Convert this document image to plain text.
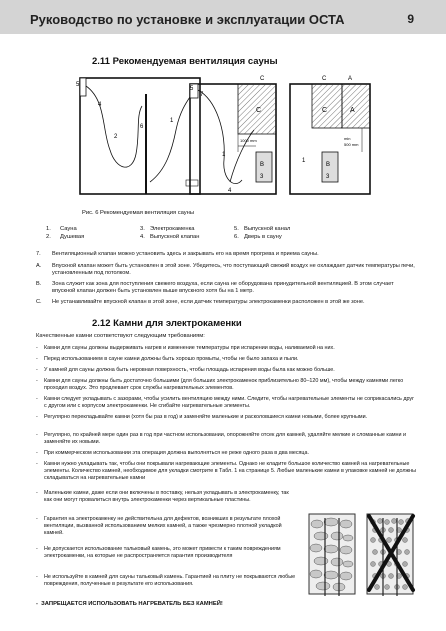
Руководство по установке и эксплуатации ОСТА	9
2.11 Рекомендуемая вентиляция сауны
5
4
2
6
1
5
7
C
C
1000 mm
B
3
1
4
C	A
C	A
min
500 mm
B
3
1
Рис. 6 Рекомендуемая вентиляция сауны
1.	Сауна	3.	Электрокаменка	5.	Выпускной канал
2.	Душевая	4.	Выпускной клапан	6.	Дверь в сауну
7.	Вентиляционный клапан можно установить здесь и закрывать его на время прогрева и приема сауны.
A.	Впускной клапан может быть установлен в этой зоне. Убедитесь, что поступающий свежий воздух не охлаждает датчик температуры печи, установленным под потолком.
B.	Зона служит как зона для поступления свежего воздуха, если сауна не оборудована принудительной вентиляцией. В этом случает впускной клапан должен быть установлен выше впускного хотя бы на 1 метр.
C.	Не устанавливайте впускной клапан в этой зоне, если датчик температуры электрокаменки расположен в этой же зоне.
2.12 Камни для электрокаменки
Качественные камни соответствуют следующим требованиям:
- Камни для сауны должны выдерживать нагрев и изменение температуры при испарении воды, наливаемой на них.
- Перед использованием в сауне камни должны быть хорошо промыты, чтобы не было запаха и пыли.
- У камней для сауны должна быть неровная поверхность, чтобы площадь испарения воды была как можно больше.
- Камни для сауны должны быть достаточно большими (для больших электрокаменок приблизительно 80–120 мм), чтобы между камнями легко проходил воздух. Это продлевает срок службы нагревательных элементов.
- Камни следует укладывать с зазорами, чтобы усилить вентиляцию между ними. Следите, чтобы нагревательные элементы не соприкасались друг с другом или с корпусом электрокаменки. Не сгибайте нагревательные элементы.
- Регулярно перекладывайте камни (хотя бы раз в год) и заменяйте маленькие и расколовшиеся камни новыми, более крупными.
- Регулярно, по крайней мере один раз в год при частном использовании, опорожняйте отсек для камней, удаляйте мелкие и сломанные камни и заменяйте их новыми.
- При коммерческом использовании эта операция должна выполняться не реже одного раза в два месяца.
- Камни нужно укладывать так, чтобы они покрывали нагревающие элементы. Однако не кладите большое количество камней на нагревательные элементы. Количество камней, необходимое для укладки смотрите в Табл. 1 на странице 5. Любые маленькие камни в упаковке камней не должны складываться на нагревательные камни
- Маленькие камни, даже если они включены в поставку, нельзя укладывать в электрокаменку, так как они могут провалиться внутрь электрокаменки через вертикальные пластины.
- Гарантия на электрокаменку не действительна для дефектов, возникших в результате плохой вентиляции, вызванной использованием мелких камней, а также чрезмерно плотной укладкой камней.
- Не допускается использование тальковый камень, это может привести к таким повреждениям электрокаменки, на которые не распространяется гарантия производителя
- Не используйте в камней для сауны тальковый камень. Гарантией на плиту не покрываются любые повреждения, полученные в результате его использования.
-  ЗАПРЕЩАЕТСЯ ИСПОЛЬЗОВАТЬ НАГРЕВАТЕЛЬ БЕЗ КАМНЕЙ!
